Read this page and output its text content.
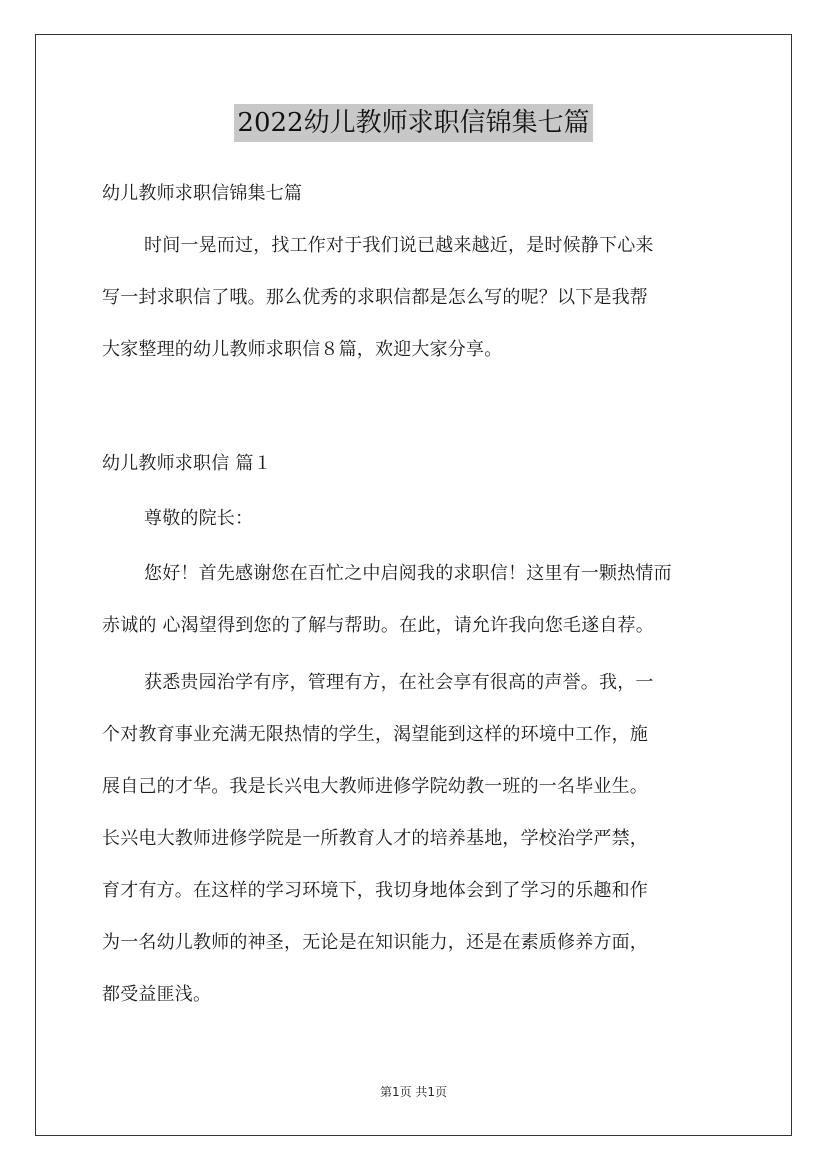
2022幼儿教师求职信锦集七篇

幼儿教师求职信锦集七篇

时间一晃而过，找工作对于我们说已越来越近，是时候静下心来
写一封求职信了哦。那么优秀的求职信都是怎么写的呢？以下是我帮
大家整理的幼儿教师求职信８篇，欢迎大家分享。

幼儿教师求职信 篇１

尊敬的院长：

您好！首先感谢您在百忙之中启阅我的求职信！这里有一颗热情而
赤诚的 心渴望得到您的了解与帮助。在此，请允许我向您毛遂自荐。

获悉贵园治学有序，管理有方，在社会享有很高的声誉。我，一
个对教育事业充满无限热情的学生，渴望能到这样的环境中工作，施
展自己的才华。我是长兴电大教师进修学院幼教一班的一名毕业生。
长兴电大教师进修学院是一所教育人才的培养基地，学校治学严禁，
育才有方。在这样的学习环境下，我切身地体会到了学习的乐趣和作
为一名幼儿教师的神圣，无论是在知识能力，还是在素质修养方面，
都受益匪浅。

第1页 共1页
